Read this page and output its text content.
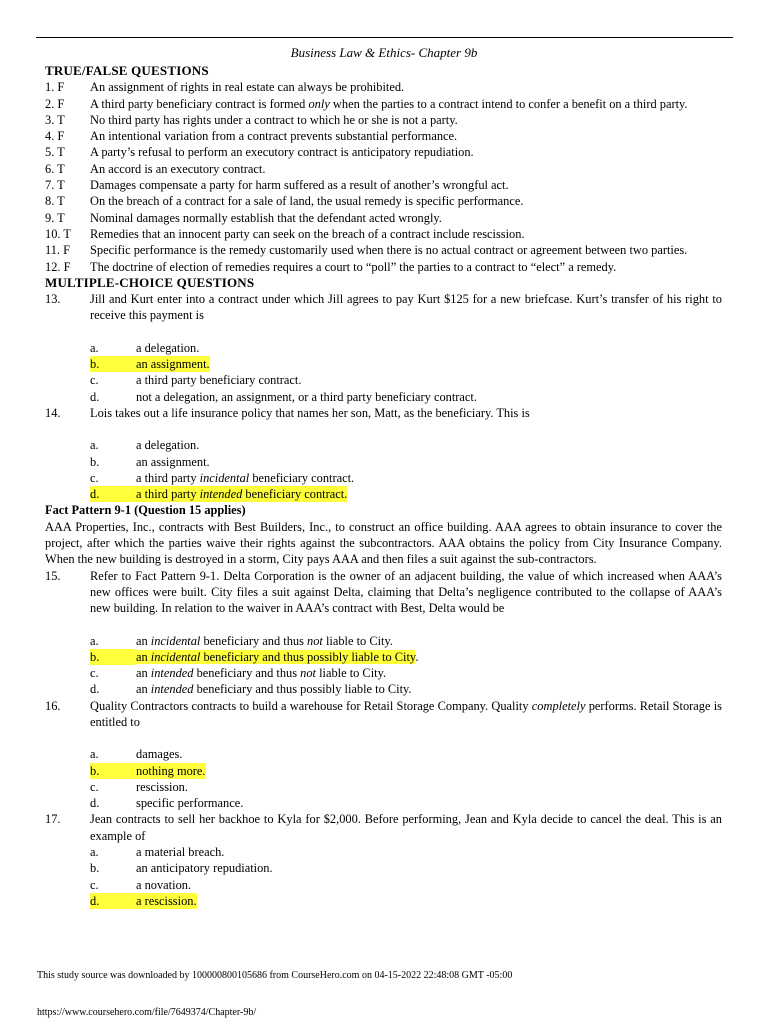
Business Law & Ethics- Chapter 9b
TRUE/FALSE QUESTIONS
1. F	An assignment of rights in real estate can always be prohibited.
2. F	A third party beneficiary contract is formed only when the parties to a contract intend to confer a benefit on a third party.
3. T	No third party has rights under a contract to which he or she is not a party.
4. F	An intentional variation from a contract prevents substantial performance.
5. T	A party’s refusal to perform an executory contract is anticipatory repudiation.
6. T	An accord is an executory contract.
7. T	Damages compensate a party for harm suffered as a result of another’s wrongful act.
8. T	On the breach of a contract for a sale of land, the usual remedy is specific performance.
9. T	Nominal damages normally establish that the defendant acted wrongly.
10. T	Remedies that an innocent party can seek on the breach of a contract include rescission.
11. F	Specific performance is the remedy customarily used when there is no actual contract or agreement between two parties.
12. F	The doctrine of election of remedies requires a court to “poll” the parties to a contract to “elect” a remedy.
MULTIPLE-CHOICE QUESTIONS
13.	Jill and Kurt enter into a contract under which Jill agrees to pay Kurt $125 for a new briefcase. Kurt’s transfer of his right to receive this payment is
a.	a delegation.
b.	an assignment.
c.	a third party beneficiary contract.
d.	not a delegation, an assignment, or a third party beneficiary contract.
14.	Lois takes out a life insurance policy that names her son, Matt, as the beneficiary. This is
a.	a delegation.
b.	an assignment.
c.	a third party incidental beneficiary contract.
d.	a third party intended beneficiary contract.
Fact Pattern 9-1 (Question 15 applies)
AAA Properties, Inc., contracts with Best Builders, Inc., to construct an office building. AAA agrees to obtain insurance to cover the project, after which the parties waive their rights against the subcontractors. AAA obtains the policy from City Insurance Company. When the new building is destroyed in a storm, City pays AAA and then files a suit against the sub-contractors.
15.	Refer to Fact Pattern 9-1. Delta Corporation is the owner of an adjacent building, the value of which increased when AAA’s new offices were built. City files a suit against Delta, claiming that Delta’s negligence contributed to the collapse of AAA’s new building. In relation to the waiver in AAA’s contract with Best, Delta would be
a.	an incidental beneficiary and thus not liable to City.
b.	an incidental beneficiary and thus possibly liable to City.
c.	an intended beneficiary and thus not liable to City.
d.	an intended beneficiary and thus possibly liable to City.
16.	Quality Contractors contracts to build a warehouse for Retail Storage Company. Quality completely performs. Retail Storage is entitled to
a.	damages.
b.	nothing more.
c.	rescission.
d.	specific performance.
17.	Jean contracts to sell her backhoe to Kyla for $2,000. Before performing, Jean and Kyla decide to cancel the deal. This is an example of
a.	a material breach.
b.	an anticipatory repudiation.
c.	a novation.
d.	a rescission.
This study source was downloaded by 100000800105686 from CourseHero.com on 04-15-2022 22:48:08 GMT -05:00
https://www.coursehero.com/file/7649374/Chapter-9b/
